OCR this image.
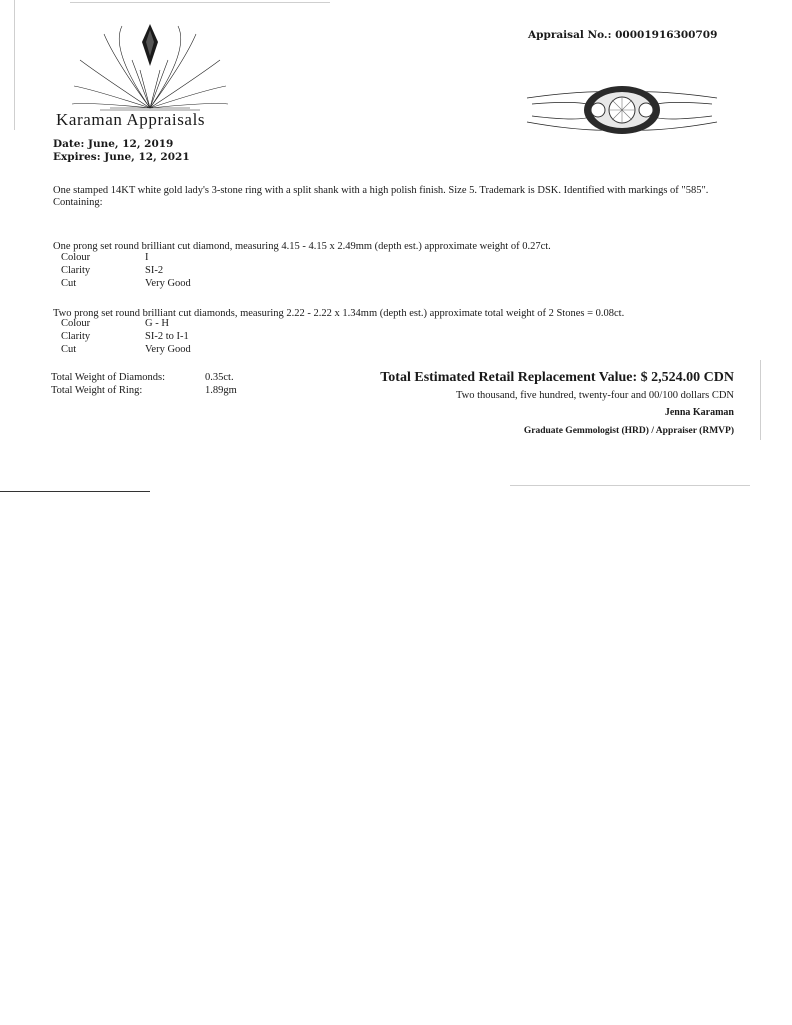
Karaman Appraisals
Date: June, 12, 2019
Expires: June, 12, 2021
Appraisal No.: 00001916300709
One stamped 14KT white gold lady's 3-stone ring with a split shank with a high polish finish. Size 5. Trademark is DSK. Identified with markings of "585".
Containing:
One prong set round brilliant cut diamond, measuring 4.15 - 4.15 x 2.49mm (depth est.) approximate weight of 0.27ct.
Colour	I
Clarity	SI-2
Cut	Very Good
Two prong set round brilliant cut diamonds, measuring 2.22 - 2.22 x 1.34mm (depth est.) approximate total weight of 2 Stones = 0.08ct.
Colour	G - H
Clarity	SI-2 to I-1
Cut	Very Good
Total Weight of Diamonds:	0.35ct.
Total Weight of Ring:	1.89gm
Total Estimated Retail Replacement Value: $ 2,524.00 CDN
Two thousand, five hundred, twenty-four and 00/100 dollars CDN
Jenna Karaman
Graduate Gemmologist (HRD) / Appraiser (RMVP)
